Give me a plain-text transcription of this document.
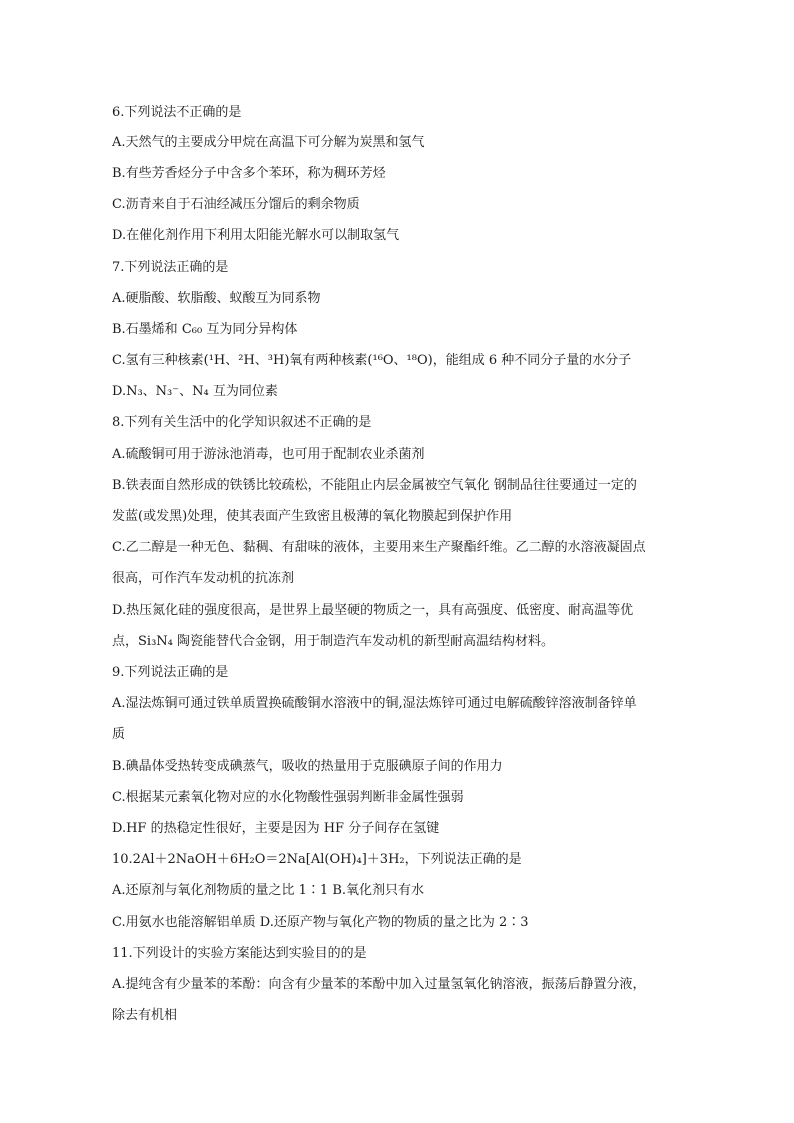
6.下列说法不正确的是
A.天然气的主要成分甲烷在高温下可分解为炭黑和氢气
B.有些芳香烃分子中含多个苯环，称为稠环芳烃
C.沥青来自于石油经减压分馏后的剩余物质
D.在催化剂作用下利用太阳能光解水可以制取氢气
7.下列说法正确的是
A.硬脂酸、软脂酸、蚁酸互为同系物
B.石墨烯和 C₆₀ 互为同分异构体
C.氢有三种核素(¹H、²H、³H)氧有两种核素(¹⁶O、¹⁸O)，能组成 6 种不同分子量的水分子
D.N₃、N₃⁻、N₄ 互为同位素
8.下列有关生活中的化学知识叙述不正确的是
A.硫酸铜可用于游泳池消毒，也可用于配制农业杀菌剂
B.铁表面自然形成的铁锈比较疏松，不能阻止内层金属被空气氧化 钢制品往往要通过一定的
发蓝(或发黑)处理，使其表面产生致密且极薄的氧化物膜起到保护作用
C.乙二醇是一种无色、黏稠、有甜味的液体，主要用来生产聚酯纤维。乙二醇的水溶液凝固点
很高，可作汽车发动机的抗冻剂
D.热压氮化硅的强度很高，是世界上最坚硬的物质之一，具有高强度、低密度、耐高温等优
点，Si₃N₄ 陶瓷能替代合金钢，用于制造汽车发动机的新型耐高温结构材料。
9.下列说法正确的是
A.湿法炼铜可通过铁单质置换硫酸铜水溶液中的铜,湿法炼锌可通过电解硫酸锌溶液制备锌单
质
B.碘晶体受热转变成碘蒸气，吸收的热量用于克服碘原子间的作用力
C.根据某元素氧化物对应的水化物酸性强弱判断非金属性强弱
D.HF 的热稳定性很好，主要是因为 HF 分子间存在氢键
10.2Al＋2NaOH＋6H₂O＝2Na[Al(OH)₄]＋3H₂，下列说法正确的是
A.还原剂与氧化剂物质的量之比 1∶1 B.氧化剂只有水
C.用氨水也能溶解铝单质 D.还原产物与氧化产物的物质的量之比为 2∶3
11.下列设计的实验方案能达到实验目的的是
A.提纯含有少量苯的苯酚：向含有少量苯的苯酚中加入过量氢氧化钠溶液，振荡后静置分液，
除去有机相
